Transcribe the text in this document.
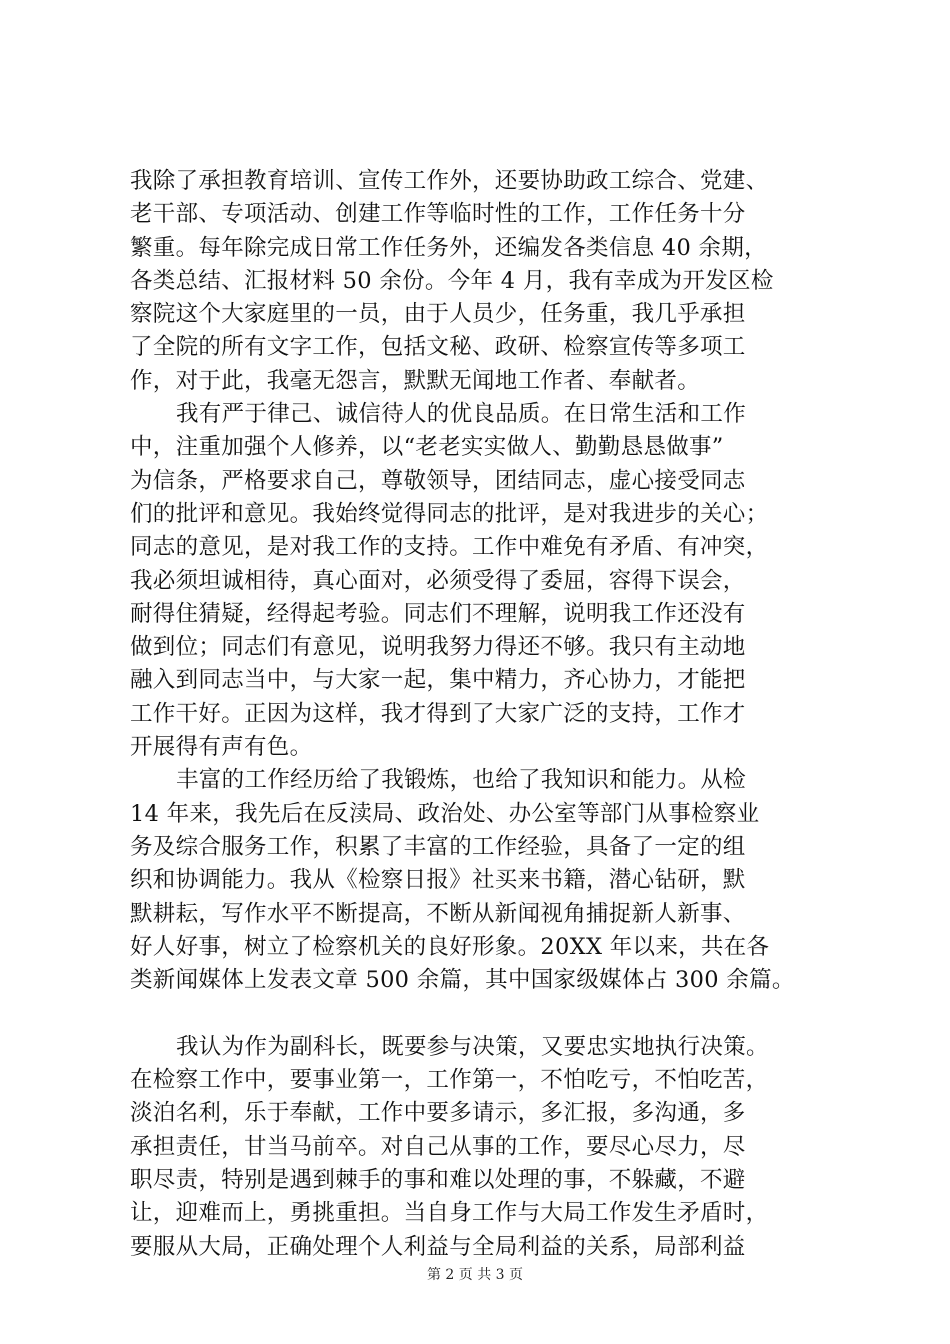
我除了承担教育培训、宣传工作外，还要协助政工综合、党建、
老干部、专项活动、创建工作等临时性的工作，工作任务十分
繁重。每年除完成日常工作任务外，还编发各类信息 40 余期，
各类总结、汇报材料 50 余份。今年 4 月，我有幸成为开发区检
察院这个大家庭里的一员，由于人员少，任务重，我几乎承担
了全院的所有文字工作，包括文秘、政研、检察宣传等多项工
作，对于此，我毫无怨言，默默无闻地工作者、奉献者。
我有严于律己、诚信待人的优良品质。在日常生活和工作
中，注重加强个人修养，以“老老实实做人、勤勤恳恳做事”
为信条，严格要求自己，尊敬领导，团结同志，虚心接受同志
们的批评和意见。我始终觉得同志的批评，是对我进步的关心；
同志的意见，是对我工作的支持。工作中难免有矛盾、有冲突，
我必须坦诚相待，真心面对，必须受得了委屈，容得下误会，
耐得住猜疑，经得起考验。同志们不理解，说明我工作还没有
做到位；同志们有意见，说明我努力得还不够。我只有主动地
融入到同志当中，与大家一起，集中精力，齐心协力，才能把
工作干好。正因为这样，我才得到了大家广泛的支持，工作才
开展得有声有色。
丰富的工作经历给了我锻炼，也给了我知识和能力。从检
14 年来，我先后在反渎局、政治处、办公室等部门从事检察业
务及综合服务工作，积累了丰富的工作经验，具备了一定的组
织和协调能力。我从《检察日报》社买来书籍，潜心钻研，默
默耕耘，写作水平不断提高，不断从新闻视角捕捉新人新事、
好人好事，树立了检察机关的良好形象。20XX 年以来，共在各
类新闻媒体上发表文章 500 余篇，其中国家级媒体占 300 余篇。
我认为作为副科长，既要参与决策，又要忠实地执行决策。
在检察工作中，要事业第一，工作第一，不怕吃亏，不怕吃苦，
淡泊名利，乐于奉献，工作中要多请示，多汇报，多沟通，多
承担责任，甘当马前卒。对自己从事的工作，要尽心尽力，尽
职尽责，特别是遇到棘手的事和难以处理的事，不躲藏，不避
让，迎难而上，勇挑重担。当自身工作与大局工作发生矛盾时，
要服从大局，正确处理个人利益与全局利益的关系，局部利益
第 2 页 共 3 页
